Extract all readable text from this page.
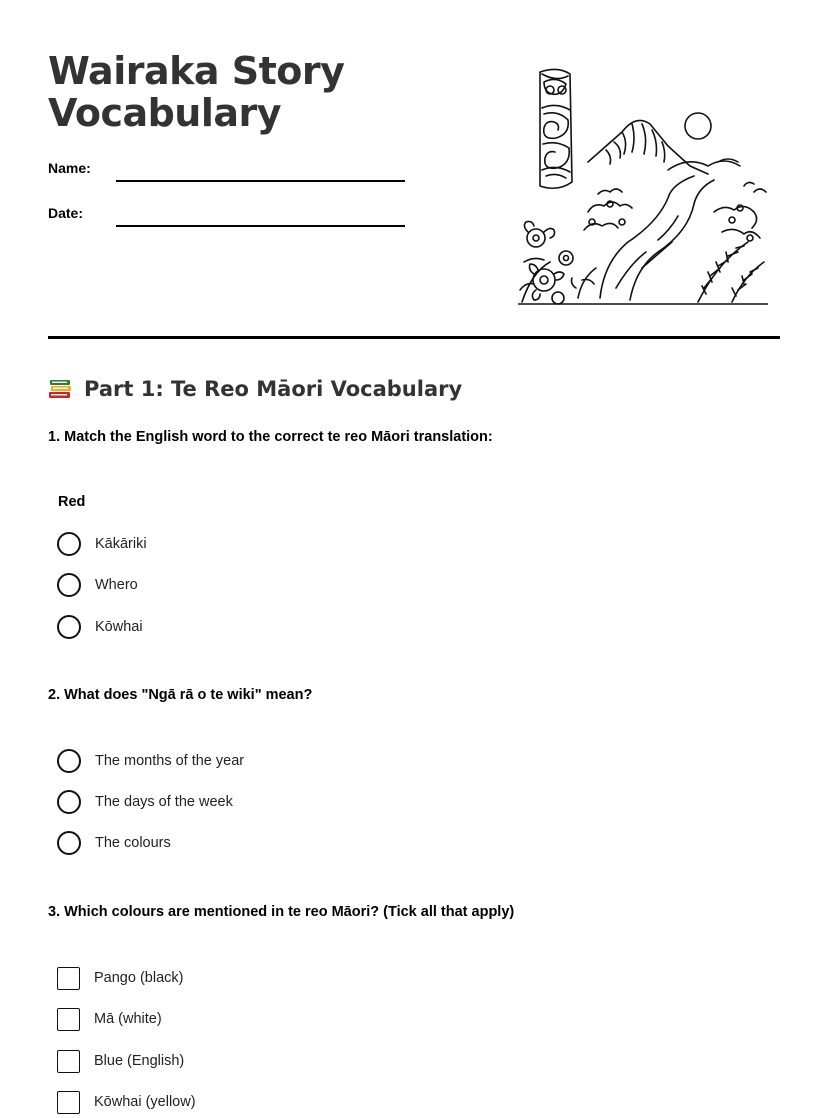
Wairaka Story Vocabulary
Name:
Date:
Part 1: Te Reo Māori Vocabulary
1. Match the English word to the correct te reo Māori translation:
Red
Kākāriki
Whero
Kōwhai
2. What does "Ngā rā o te wiki" mean?
The months of the year
The days of the week
The colours
3. Which colours are mentioned in te reo Māori? (Tick all that apply)
Pango (black)
Mā (white)
Blue (English)
Kōwhai (yellow)
